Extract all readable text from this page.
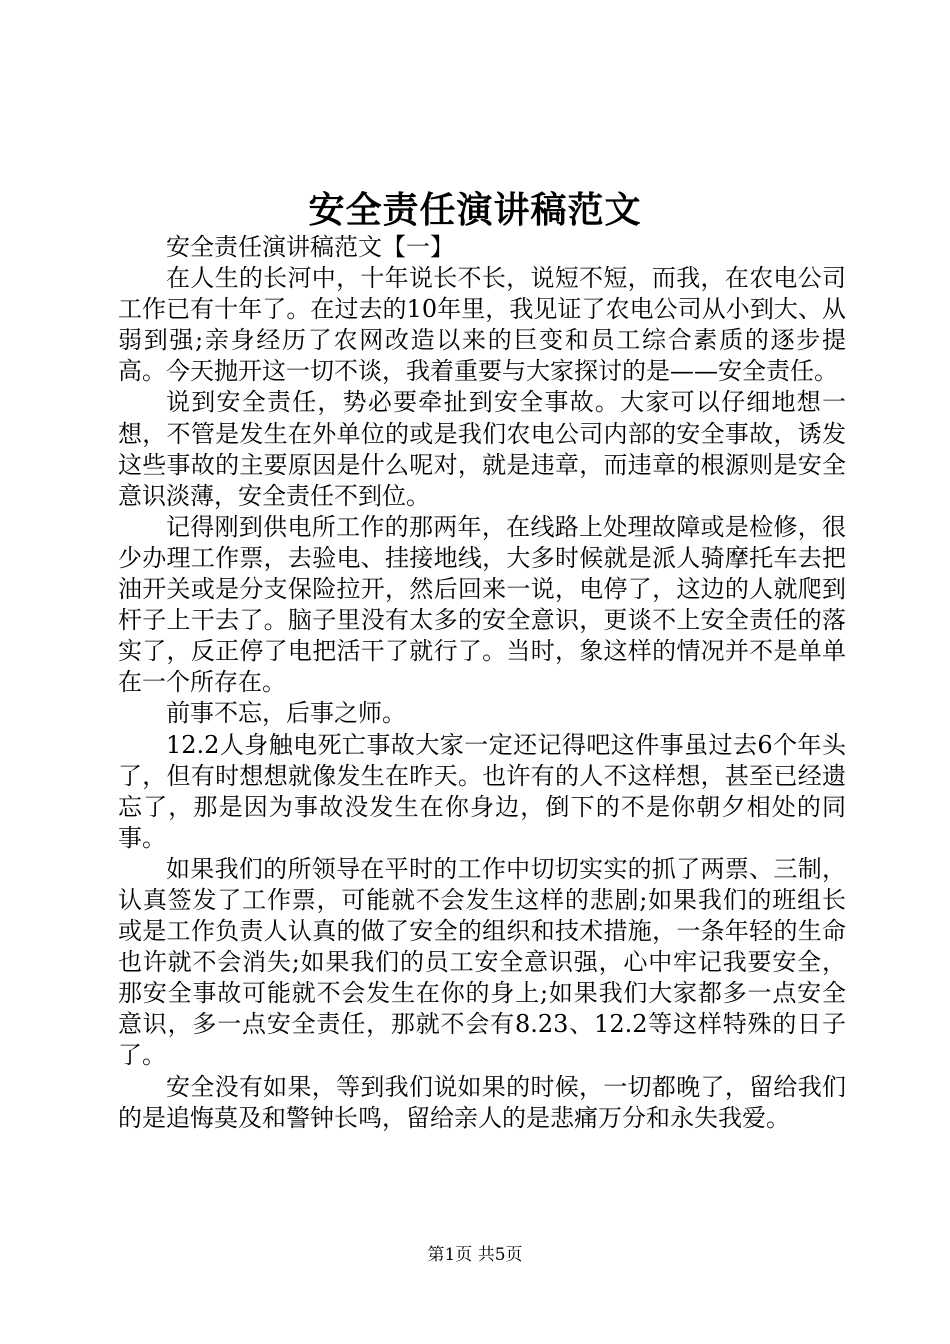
安全责任演讲稿范文

安全责任演讲稿范文【一】

在人生的长河中，十年说长不长，说短不短，而我，在农电公司工作已有十年了。在过去的10年里，我见证了农电公司从小到大、从弱到强;亲身经历了农网改造以来的巨变和员工综合素质的逐步提高。今天抛开这一切不谈，我着重要与大家探讨的是——安全责任。

说到安全责任，势必要牵扯到安全事故。大家可以仔细地想一想，不管是发生在外单位的或是我们农电公司内部的安全事故，诱发这些事故的主要原因是什么呢对，就是违章，而违章的根源则是安全意识淡薄，安全责任不到位。

记得刚到供电所工作的那两年，在线路上处理故障或是检修，很少办理工作票，去验电、挂接地线，大多时候就是派人骑摩托车去把油开关或是分支保险拉开，然后回来一说，电停了，这边的人就爬到杆子上干去了。脑子里没有太多的安全意识，更谈不上安全责任的落实了，反正停了电把活干了就行了。当时，象这样的情况并不是单单在一个所存在。

前事不忘，后事之师。

12.2人身触电死亡事故大家一定还记得吧这件事虽过去6个年头了，但有时想想就像发生在昨天。也许有的人不这样想，甚至已经遗忘了，那是因为事故没发生在你身边，倒下的不是你朝夕相处的同事。

如果我们的所领导在平时的工作中切切实实的抓了两票、三制，认真签发了工作票，可能就不会发生这样的悲剧;如果我们的班组长或是工作负责人认真的做了安全的组织和技术措施，一条年轻的生命也许就不会消失;如果我们的员工安全意识强，心中牢记我要安全，那安全事故可能就不会发生在你的身上;如果我们大家都多一点安全意识，多一点安全责任，那就不会有8.23、12.2等这样特殊的日子了。

安全没有如果，等到我们说如果的时候，一切都晚了，留给我们的是追悔莫及和警钟长鸣，留给亲人的是悲痛万分和永失我爱。

第1页 共5页
